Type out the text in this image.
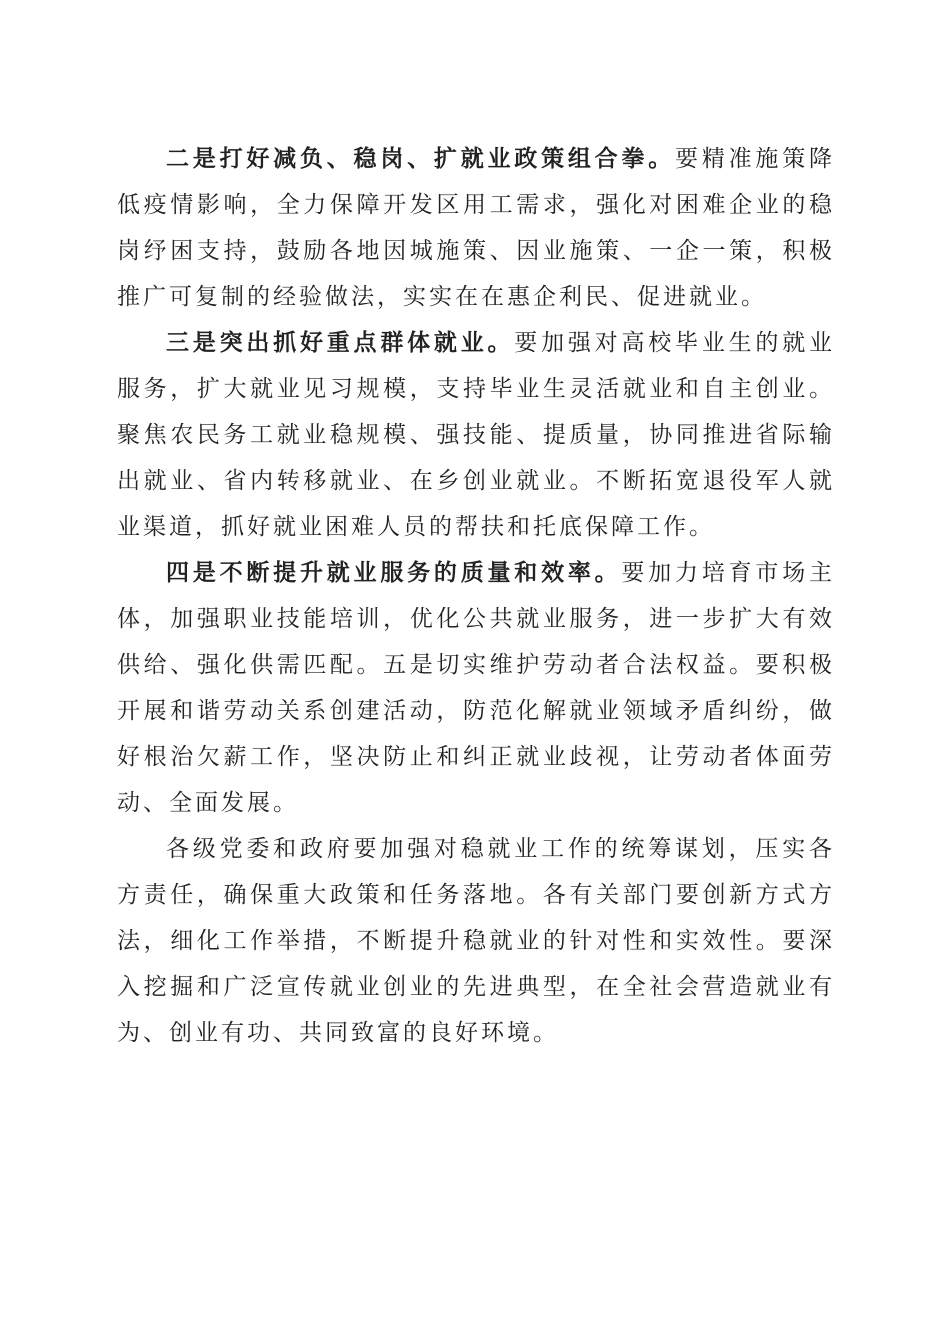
二是打好减负、稳岗、扩就业政策组合拳。要精准施策降低疫情影响，全力保障开发区用工需求，强化对困难企业的稳岗纾困支持，鼓励各地因城施策、因业施策、一企一策，积极推广可复制的经验做法，实实在在惠企利民、促进就业。

三是突出抓好重点群体就业。要加强对高校毕业生的就业服务，扩大就业见习规模，支持毕业生灵活就业和自主创业。聚焦农民务工就业稳规模、强技能、提质量，协同推进省际输出就业、省内转移就业、在乡创业就业。不断拓宽退役军人就业渠道，抓好就业困难人员的帮扶和托底保障工作。

四是不断提升就业服务的质量和效率。要加力培育市场主体，加强职业技能培训，优化公共就业服务，进一步扩大有效供给、强化供需匹配。五是切实维护劳动者合法权益。要积极开展和谐劳动关系创建活动，防范化解就业领域矛盾纠纷，做好根治欠薪工作，坚决防止和纠正就业歧视，让劳动者体面劳动、全面发展。

各级党委和政府要加强对稳就业工作的统筹谋划，压实各方责任，确保重大政策和任务落地。各有关部门要创新方式方法，细化工作举措，不断提升稳就业的针对性和实效性。要深入挖掘和广泛宣传就业创业的先进典型，在全社会营造就业有为、创业有功、共同致富的良好环境。
